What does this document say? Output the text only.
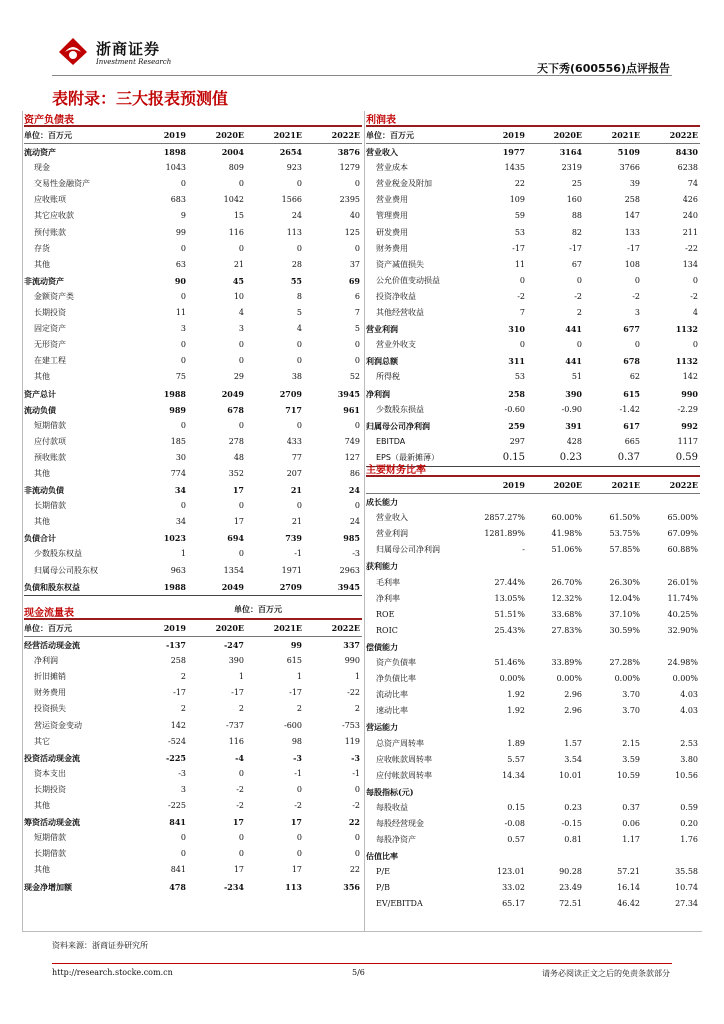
浙商证券
Investment Research	天下秀(600556)点评报告
表附录：三大报表预测值
资产负债表
单位：百万元	2019	2020E	2021E	2022E
流动资产	1898	2004	2654	3876
现金	1043	809	923	1279
交易性金融资产	0	0	0	0
应收账项	683	1042	1566	2395
其它应收款	9	15	24	40
预付账款	99	116	113	125
存货	0	0	0	0
其他	63	21	28	37
非流动资产	90	45	55	69
金额资产类	0	10	8	6
长期投资	11	4	5	7
固定资产	3	3	4	5
无形资产	0	0	0	0
在建工程	0	0	0	0
其他	75	29	38	52
资产总计	1988	2049	2709	3945
流动负债	989	678	717	961
短期借款	0	0	0	0
应付款项	185	278	433	749
预收账款	30	48	77	127
其他	774	352	207	86
非流动负债	34	17	21	24
长期借款	0	0	0	0
其他	34	17	21	24
负债合计	1023	694	739	985
少数股东权益	1	0	-1	-3
归属母公司股东权	963	1354	1971	2963
负债和股东权益	1988	2049	2709	3945
现金流量表	单位：百万元
单位：百万元	2019	2020E	2021E	2022E
经营活动现金流	-137	-247	99	337
净利润	258	390	615	990
折旧摊销	2	1	1	1
财务费用	-17	-17	-17	-22
投资损失	2	2	2	2
营运资金变动	142	-737	-600	-753
其它	-524	116	98	119
投资活动现金流	-225	-4	-3	-3
资本支出	-3	0	-1	-1
长期投资	3	-2	0	0
其他	-225	-2	-2	-2
筹资活动现金流	841	17	17	22
短期借款	0	0	0	0
长期借款	0	0	0	0
其他	841	17	17	22
现金净增加额	478	-234	113	356
利润表
单位：百万元	2019	2020E	2021E	2022E
营业收入	1977	3164	5109	8430
营业成本	1435	2319	3766	6238
营业税金及附加	22	25	39	74
营业费用	109	160	258	426
管理费用	59	88	147	240
研发费用	53	82	133	211
财务费用	-17	-17	-17	-22
资产减值损失	11	67	108	134
公允价值变动损益	0	0	0	0
投资净收益	-2	-2	-2	-2
其他经营收益	7	2	3	4
营业利润	310	441	677	1132
营业外收支	0	0	0	0
利润总额	311	441	678	1132
所得税	53	51	62	142
净利润	258	390	615	990
少数股东损益	-0.60	-0.90	-1.42	-2.29
归属母公司净利润	259	391	617	992
EBITDA	297	428	665	1117
EPS（最新摊薄）	0.15	0.23	0.37	0.59
主要财务比率
2019	2020E	2021E	2022E
成长能力
营业收入	2857.27%	60.00%	61.50%	65.00%
营业利润	1281.89%	41.98%	53.75%	67.09%
归属母公司净利润	-	51.06%	57.85%	60.88%
获利能力
毛利率	27.44%	26.70%	26.30%	26.01%
净利率	13.05%	12.32%	12.04%	11.74%
ROE	51.51%	33.68%	37.10%	40.25%
ROIC	25.43%	27.83%	30.59%	32.90%
偿债能力
资产负债率	51.46%	33.89%	27.28%	24.98%
净负债比率	0.00%	0.00%	0.00%	0.00%
流动比率	1.92	2.96	3.70	4.03
速动比率	1.92	2.96	3.70	4.03
营运能力
总资产周转率	1.89	1.57	2.15	2.53
应收帐款周转率	5.57	3.54	3.59	3.80
应付帐款周转率	14.34	10.01	10.59	10.56
每股指标(元)
每股收益	0.15	0.23	0.37	0.59
每股经营现金	-0.08	-0.15	0.06	0.20
每股净资产	0.57	0.81	1.17	1.76
估值比率
P/E	123.01	90.28	57.21	35.58
P/B	33.02	23.49	16.14	10.74
EV/EBITDA	65.17	72.51	46.42	27.34
资料来源：浙商证券研究所
http://research.stocke.com.cn	5/6	请务必阅读正文之后的免责条款部分
